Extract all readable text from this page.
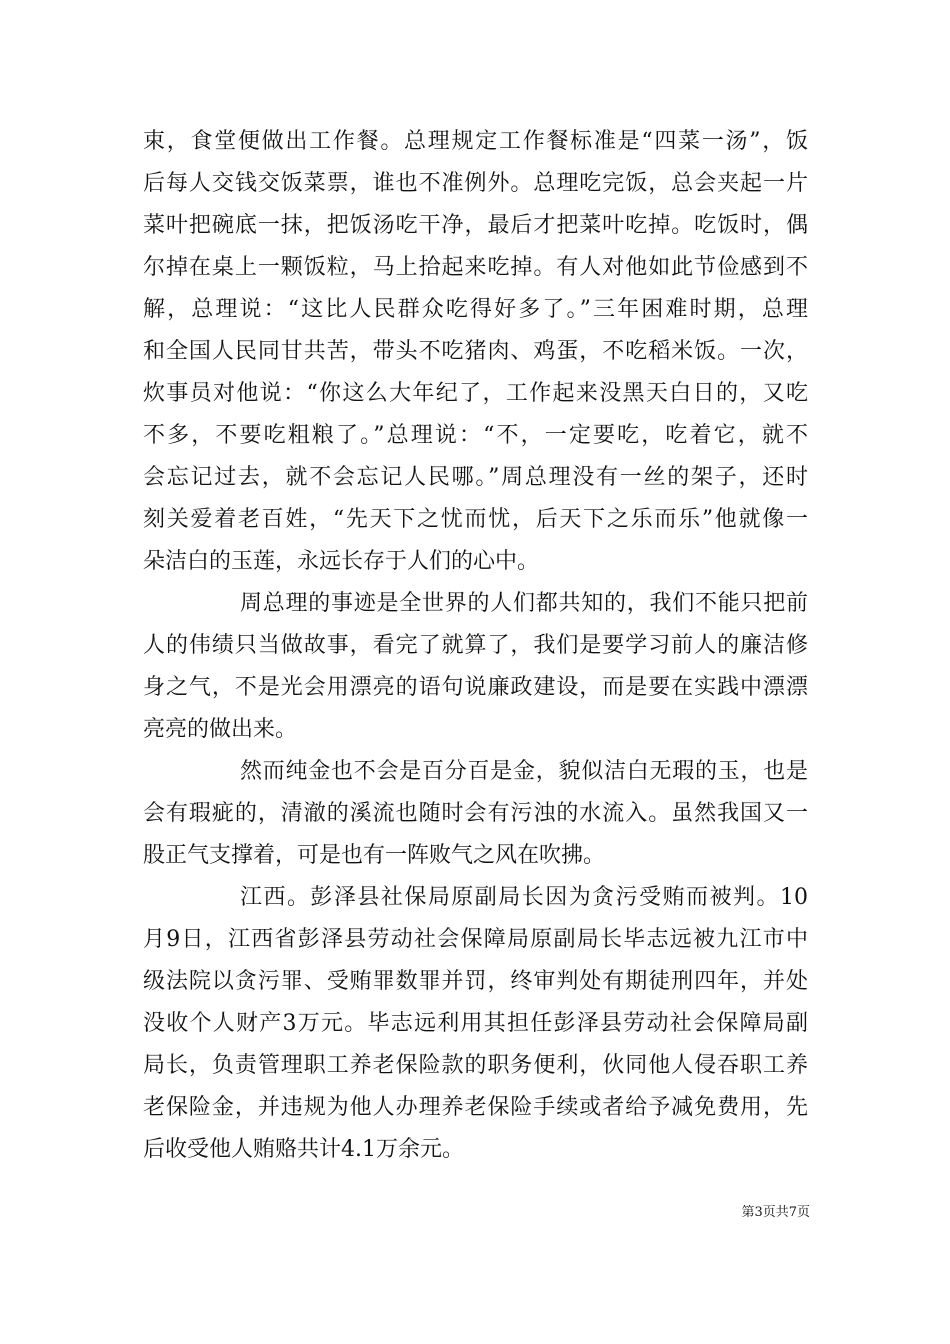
束，食堂便做出工作餐。总理规定工作餐标准是“四菜一汤”，饭
后每人交钱交饭菜票，谁也不准例外。总理吃完饭，总会夹起一片
菜叶把碗底一抹，把饭汤吃干净，最后才把菜叶吃掉。吃饭时，偶
尔掉在桌上一颗饭粒，马上拾起来吃掉。有人对他如此节俭感到不
解，总理说：“这比人民群众吃得好多了。”三年困难时期，总理
和全国人民同甘共苦，带头不吃猪肉、鸡蛋，不吃稻米饭。一次，
炊事员对他说：“你这么大年纪了，工作起来没黑天白日的，又吃
不多，不要吃粗粮了。”总理说：“不，一定要吃，吃着它，就不
会忘记过去，就不会忘记人民哪。”周总理没有一丝的架子，还时
刻关爱着老百姓，“先天下之忧而忧，后天下之乐而乐”他就像一
朵洁白的玉莲，永远长存于人们的心中。
周总理的事迹是全世界的人们都共知的，我们不能只把前
人的伟绩只当做故事，看完了就算了，我们是要学习前人的廉洁修
身之气，不是光会用漂亮的语句说廉政建设，而是要在实践中漂漂
亮亮的做出来。
然而纯金也不会是百分百是金，貌似洁白无瑕的玉，也是
会有瑕疵的，清澈的溪流也随时会有污浊的水流入。虽然我国又一
股正气支撑着，可是也有一阵败气之风在吹拂。
江西。彭泽县社保局原副局长因为贪污受贿而被判。10
月9日，江西省彭泽县劳动社会保障局原副局长毕志远被九江市中
级法院以贪污罪、受贿罪数罪并罚，终审判处有期徒刑四年，并处
没收个人财产3万元。毕志远利用其担任彭泽县劳动社会保障局副
局长，负责管理职工养老保险款的职务便利，伙同他人侵吞职工养
老保险金，并违规为他人办理养老保险手续或者给予减免费用，先
后收受他人贿赂共计4.1万余元。
第3页共7页
